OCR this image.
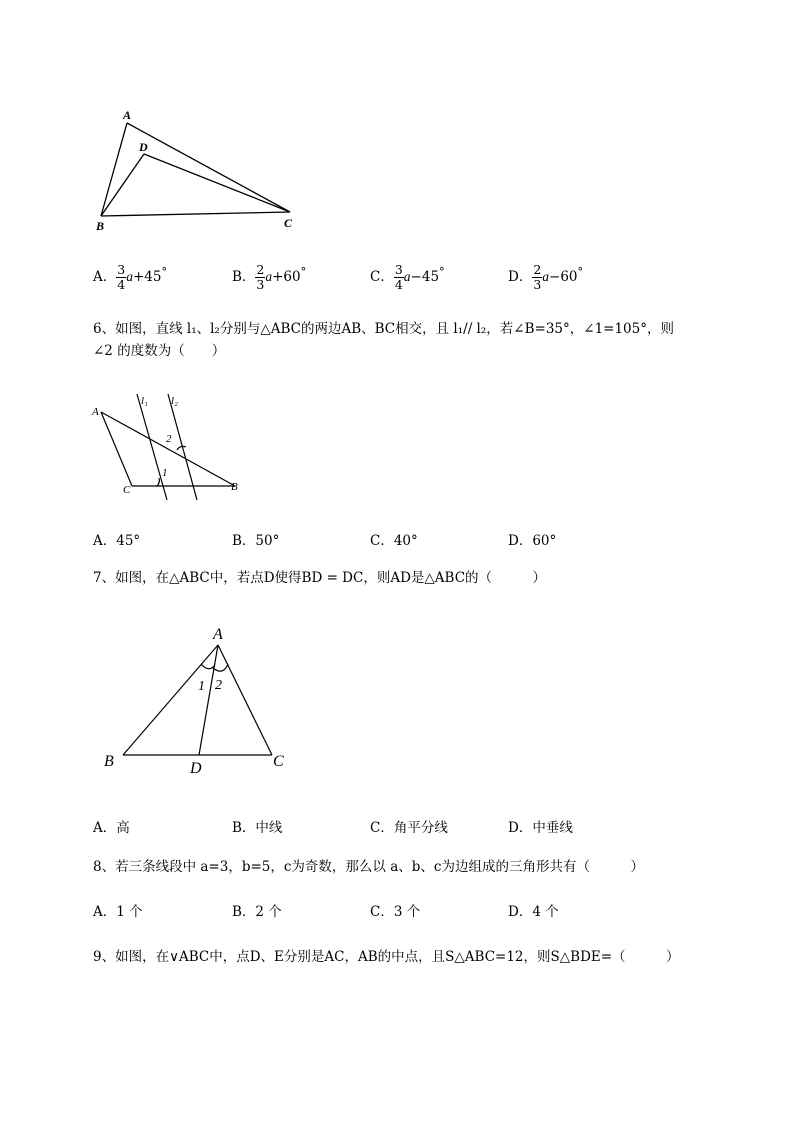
A
D
B	C
A． $\frac{3}{4} a+45^\circ$	B． $\frac{2}{3} a+60^\circ$	C． $\frac{3}{4} a-45^\circ$	D． $\frac{2}{3} a-60^\circ$
6、如图，直线 l₁、l₂分别与△ABC的两边AB、BC相交，且 l₁// l₂，若∠B=35°，∠1=105°，则
∠2 的度数为（　　）
A
C	B
l₁ l₂
1
2
A．45°	B．50°	C．40°	D．60°
7、如图，在△ABC中，若点D使得BD = DC，则AD是△ABC的（　　　）
A
B	D	C
1 2
A．高	B．中线	C．角平分线	D．中垂线
8、若三条线段中 a=3，b=5，c为奇数，那么以 a、b、c为边组成的三角形共有（　　　）
A．1 个	B．2 个	C．3 个	D．4 个
9、如图，在∨ABC中，点D、E分别是AC，AB的中点，且S△ABC=12，则S△BDE=（　　　）
